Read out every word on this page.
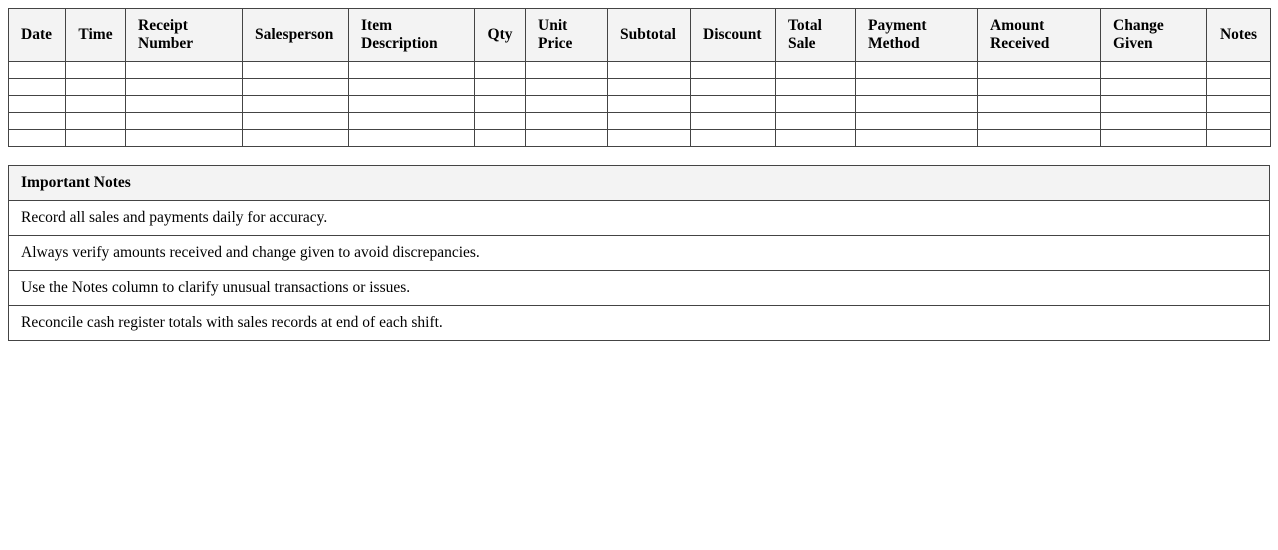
Date	Time	Receipt Number	Salesperson	Item Description	Qty	Unit Price	Subtotal	Discount	Total Sale	Payment Method	Amount Received	Change Given	Notes

Important Notes
Record all sales and payments daily for accuracy.
Always verify amounts received and change given to avoid discrepancies.
Use the Notes column to clarify unusual transactions or issues.
Reconcile cash register totals with sales records at end of each shift.
